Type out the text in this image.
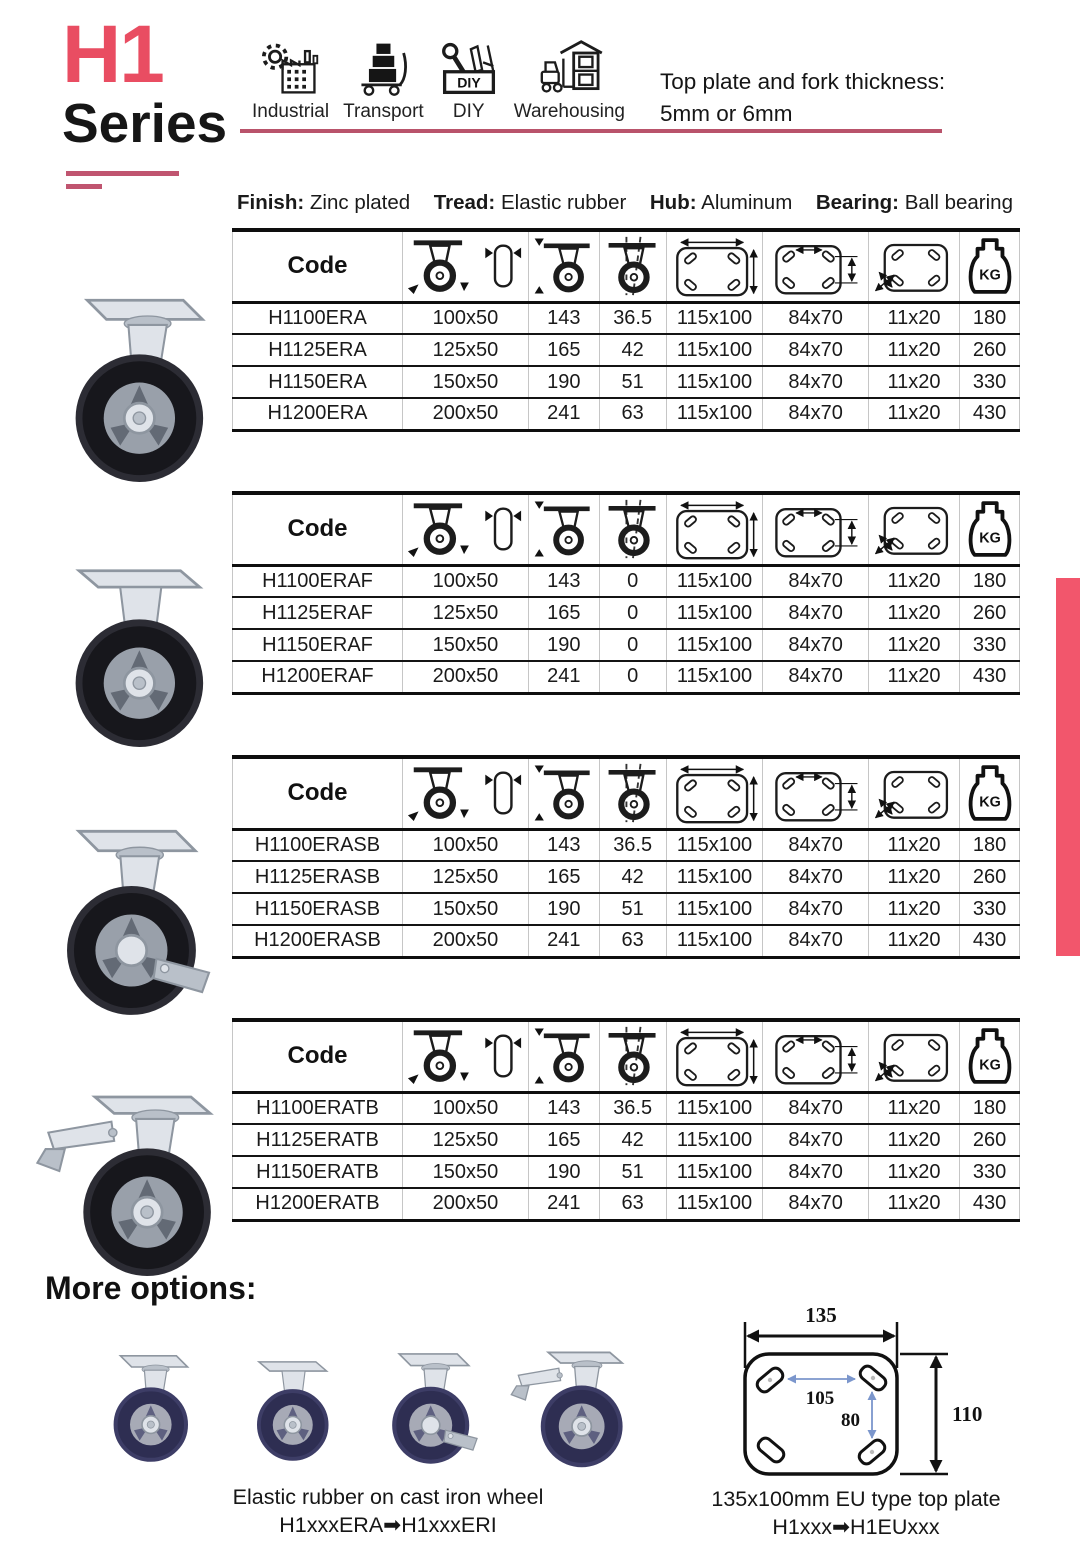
H1
Series Industrial Transport
DIY
DIY Warehousing
Top plate and fork thickness:
5mm or 6mm
Finish: Zinc plated Tread: Elastic rubber Hub: Aluminum Bearing: Ball bearing
Code							KG

H1100ERA	100x50	143	36.5	115x100	84x70	11x20	180
H1125ERA	125x50	165	42	115x100	84x70	11x20	260
H1150ERA	150x50	190	51	115x100	84x70	11x20	330
H1200ERA	200x50	241	63	115x100	84x70	11x20	430
Code							KG

H1100ERAF	100x50	143	0	115x100	84x70	11x20	180
H1125ERAF	125x50	165	0	115x100	84x70	11x20	260
H1150ERAF	150x50	190	0	115x100	84x70	11x20	330
H1200ERAF	200x50	241	0	115x100	84x70	11x20	430
Code							KG

H1100ERASB	100x50	143	36.5	115x100	84x70	11x20	180
H1125ERASB	125x50	165	42	115x100	84x70	11x20	260
H1150ERASB	150x50	190	51	115x100	84x70	11x20	330
H1200ERASB	200x50	241	63	115x100	84x70	11x20	430
Code							KG

H1100ERATB	100x50	143	36.5	115x100	84x70	11x20	180
H1125ERATB	125x50	165	42	115x100	84x70	11x20	260
H1150ERATB	150x50	190	51	115x100	84x70	11x20	330
H1200ERATB	200x50	241	63	115x100	84x70	11x20	430
More options:
135
110
105
80
Elastic rubber on cast iron wheel
H1xxxERA➡H1xxxERI
135x100mm EU type top plate
H1xxx➡H1EUxxx
